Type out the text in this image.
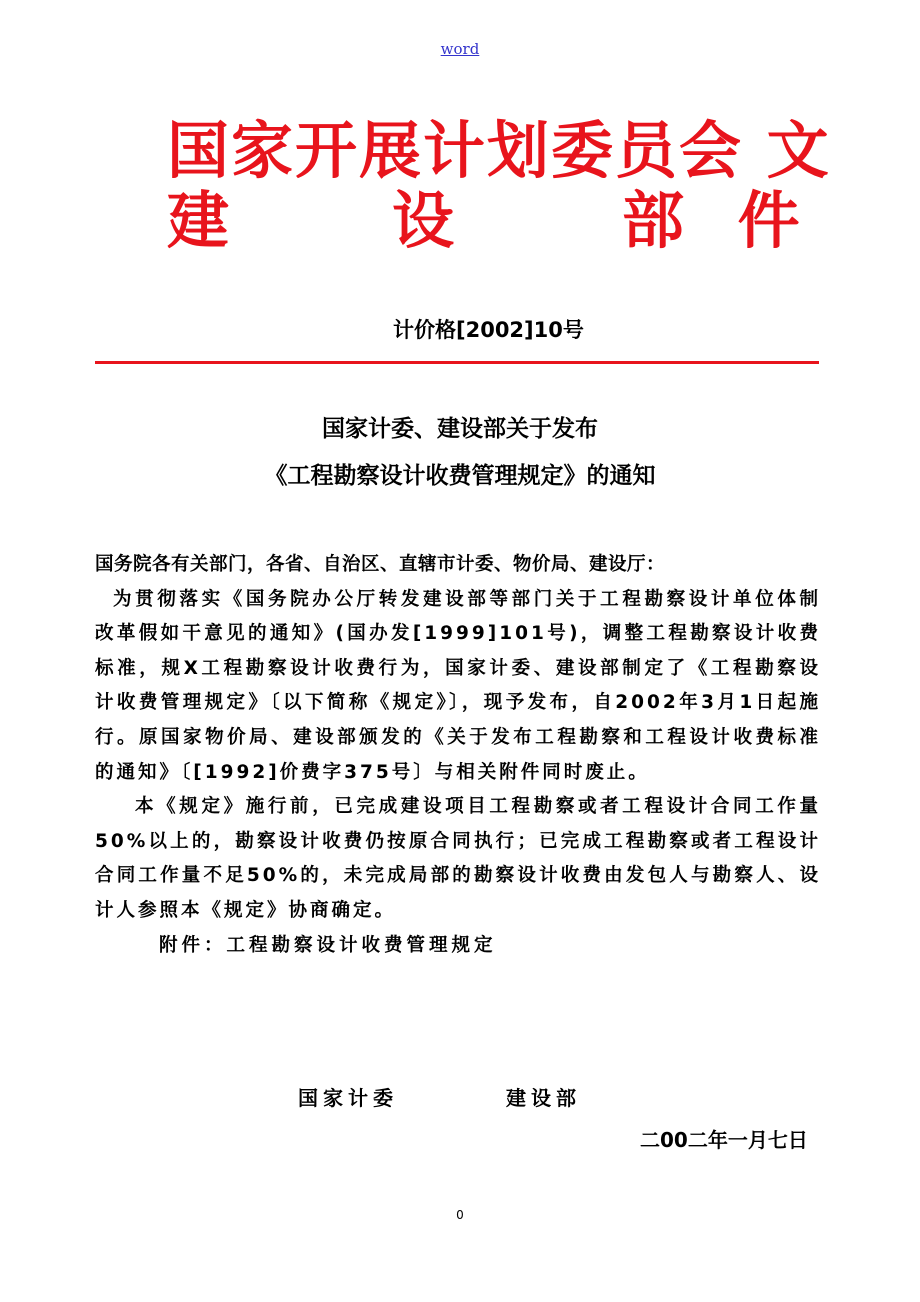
word
国家开展计划委员会 文
建	设	部 件
计价格[2002]10号
国家计委、建设部关于发布
《工程勘察设计收费管理规定》的通知

国务院各有关部门，各省、自治区、直辖市计委、物价局、建设厅：

为贯彻落实《国务院办公厅转发建设部等部门关于工程勘察设计单位体制改革假如干意见的通知》(国办发[1999]101号)，调整工程勘察设计收费标准，规X工程勘察设计收费行为，国家计委、建设部制定了《工程勘察设计收费管理规定》〔以下简称《规定》〕，现予发布，自2002年3月1日起施行。原国家物价局、建设部颁发的《关于发布工程勘察和工程设计收费标准的通知》〔[1992]价费字375号〕与相关附件同时废止。

本《规定》施行前，已完成建设项目工程勘察或者工程设计合同工作量50%以上的，勘察设计收费仍按原合同执行；已完成工程勘察或者工程设计合同工作量不足50%的，未完成局部的勘察设计收费由发包人与勘察人、设计人参照本《规定》协商确定。

附件：工程勘察设计收费管理规定

国家计委	建设部
二00二年一月七日
0
